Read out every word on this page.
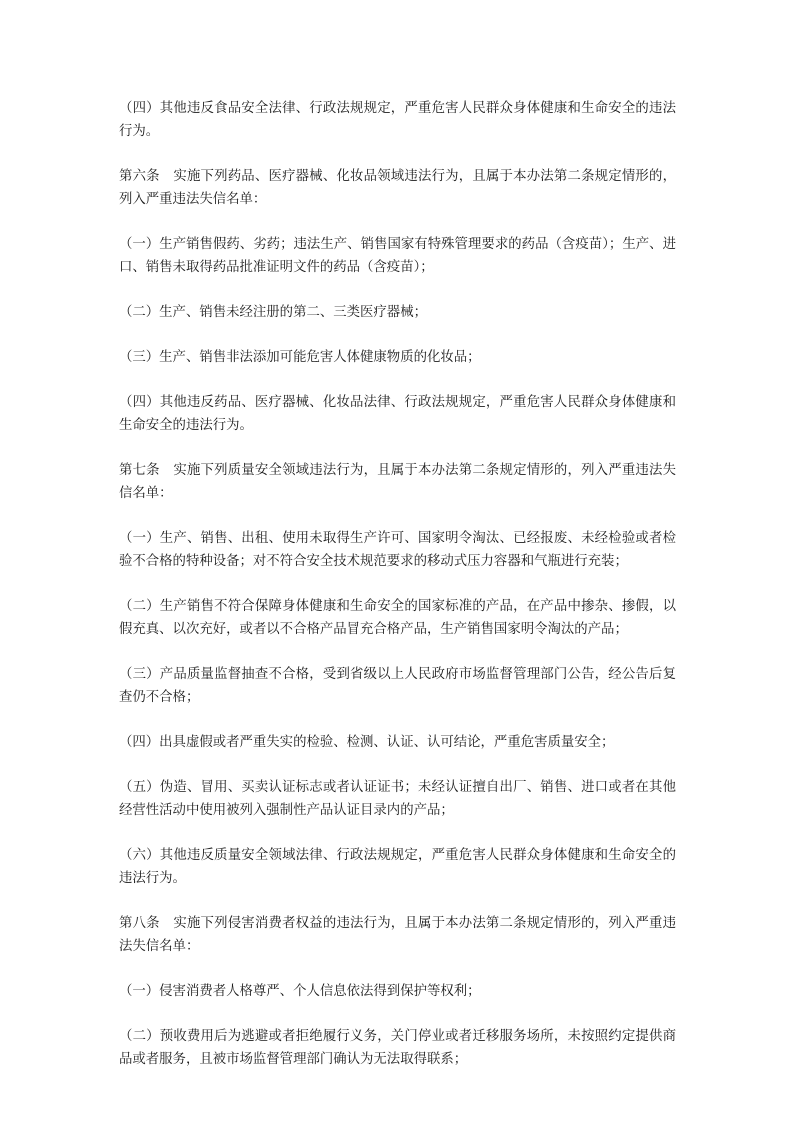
（四）其他违反食品安全法律、行政法规规定，严重危害人民群众身体健康和生命安全的违法行为。

第六条　实施下列药品、医疗器械、化妆品领域违法行为，且属于本办法第二条规定情形的，列入严重违法失信名单：

（一）生产销售假药、劣药；违法生产、销售国家有特殊管理要求的药品（含疫苗）；生产、进口、销售未取得药品批准证明文件的药品（含疫苗）；

（二）生产、销售未经注册的第二、三类医疗器械；

（三）生产、销售非法添加可能危害人体健康物质的化妆品；

（四）其他违反药品、医疗器械、化妆品法律、行政法规规定，严重危害人民群众身体健康和生命安全的违法行为。

第七条　实施下列质量安全领域违法行为，且属于本办法第二条规定情形的，列入严重违法失信名单：

（一）生产、销售、出租、使用未取得生产许可、国家明令淘汰、已经报废、未经检验或者检验不合格的特种设备；对不符合安全技术规范要求的移动式压力容器和气瓶进行充装；

（二）生产销售不符合保障身体健康和生命安全的国家标准的产品，在产品中掺杂、掺假，以假充真、以次充好，或者以不合格产品冒充合格产品，生产销售国家明令淘汰的产品；

（三）产品质量监督抽查不合格，受到省级以上人民政府市场监督管理部门公告，经公告后复查仍不合格；

（四）出具虚假或者严重失实的检验、检测、认证、认可结论，严重危害质量安全；

（五）伪造、冒用、买卖认证标志或者认证证书；未经认证擅自出厂、销售、进口或者在其他经营性活动中使用被列入强制性产品认证目录内的产品；

（六）其他违反质量安全领域法律、行政法规规定，严重危害人民群众身体健康和生命安全的违法行为。

第八条　实施下列侵害消费者权益的违法行为，且属于本办法第二条规定情形的，列入严重违法失信名单：

（一）侵害消费者人格尊严、个人信息依法得到保护等权利；

（二）预收费用后为逃避或者拒绝履行义务，关门停业或者迁移服务场所，未按照约定提供商品或者服务，且被市场监督管理部门确认为无法取得联系；
